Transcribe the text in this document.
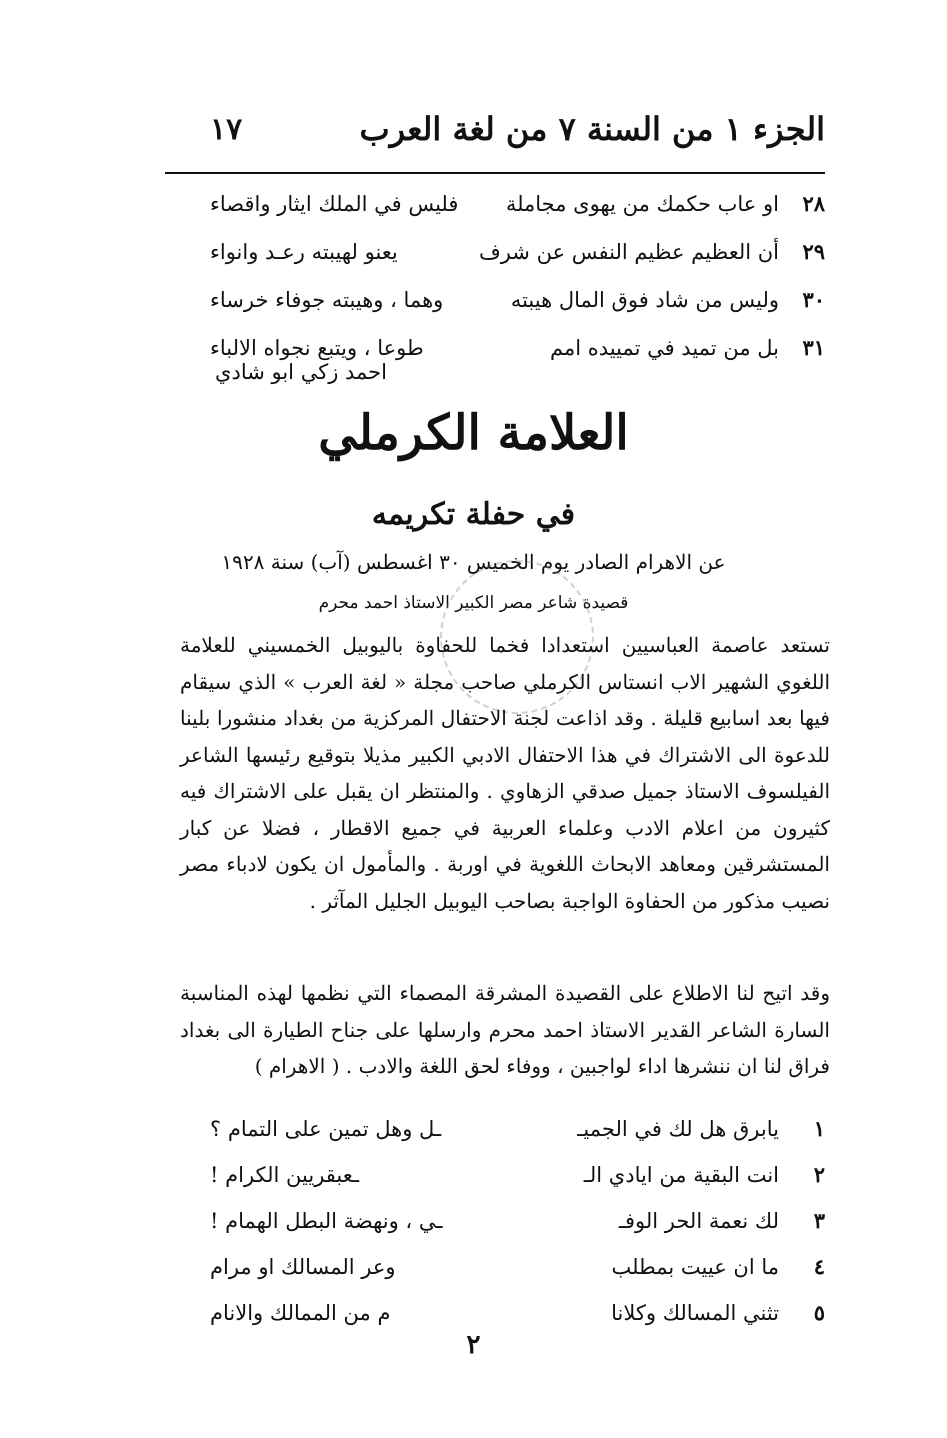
الجزء ١ من السنة ٧ من لغة العرب
١٧
٢٨
او عاب حكمك من يهوى مجاملة
فليس في الملك ايثار واقصاء
٢٩
أن العظيم عظيم النفس عن شرف
يعنو لهيبته رعـد وانواء
٣٠
وليس من شاد فوق المال هيبته
وهما ، وهيبته جوفاء خرساء
٣١
بل من تميد في تمييده امم
طوعا ، ويتبع نجواه الالباء
احمد زكي ابو شادي
العلامة الكرملي
في حفلة تكريمه
عن الاهرام الصادر يوم الخميس ٣٠ اغسطس (آب) سنة ١٩٢٨
قصيدة شاعر مصر الكبير الاستاذ احمد محرم

تستعد عاصمة العباسيين استعدادا فخما للحفاوة باليوبيل الخمسيني للعلامة اللغوي الشهير الاب انستاس الكرملي صاحب مجلة « لغة العرب » الذي سيقام فيها بعد اسابيع قليلة . وقد اذاعت لجنة الاحتفال المركزية من بغداد منشورا بلينا للدعوة الى الاشتراك في هذا الاحتفال الادبي الكبير مذيلا بتوقيع رئيسها الشاعر الفيلسوف الاستاذ جميل صدقي الزهاوي . والمنتظر ان يقبل على الاشتراك فيه كثيرون من اعلام الادب وعلماء العربية في جميع الاقطار ، فضلا عن كبار المستشرقين ومعاهد الابحاث اللغوية في اوربة . والمأمول ان يكون لادباء مصر نصيب مذكور من الحفاوة الواجبة بصاحب اليوبيل الجليل المآثر .

وقد اتيح لنا الاطلاع على القصيدة المشرقة المصماء التي نظمها لهذه المناسبة السارة الشاعر القدير الاستاذ احمد محرم وارسلها على جناح الطيارة الى بغداد فراق لنا ان ننشرها اداء لواجبين ، ووفاء لحق اللغة والادب . ( الاهرام )

١
يابرق هل لك في الجميـ
ـل وهل تمين على التمام ؟
٢
انت البقية من ايادي الـ
ـعبقريين الكرام !
٣
لك نعمة الحر الوفـ
ـي ، ونهضة البطل الهمام !
٤
ما ان عييت بمطلب
وعر المسالك او مرام
٥
تثني المسالك وكلانا
م من الممالك والانام
٢
